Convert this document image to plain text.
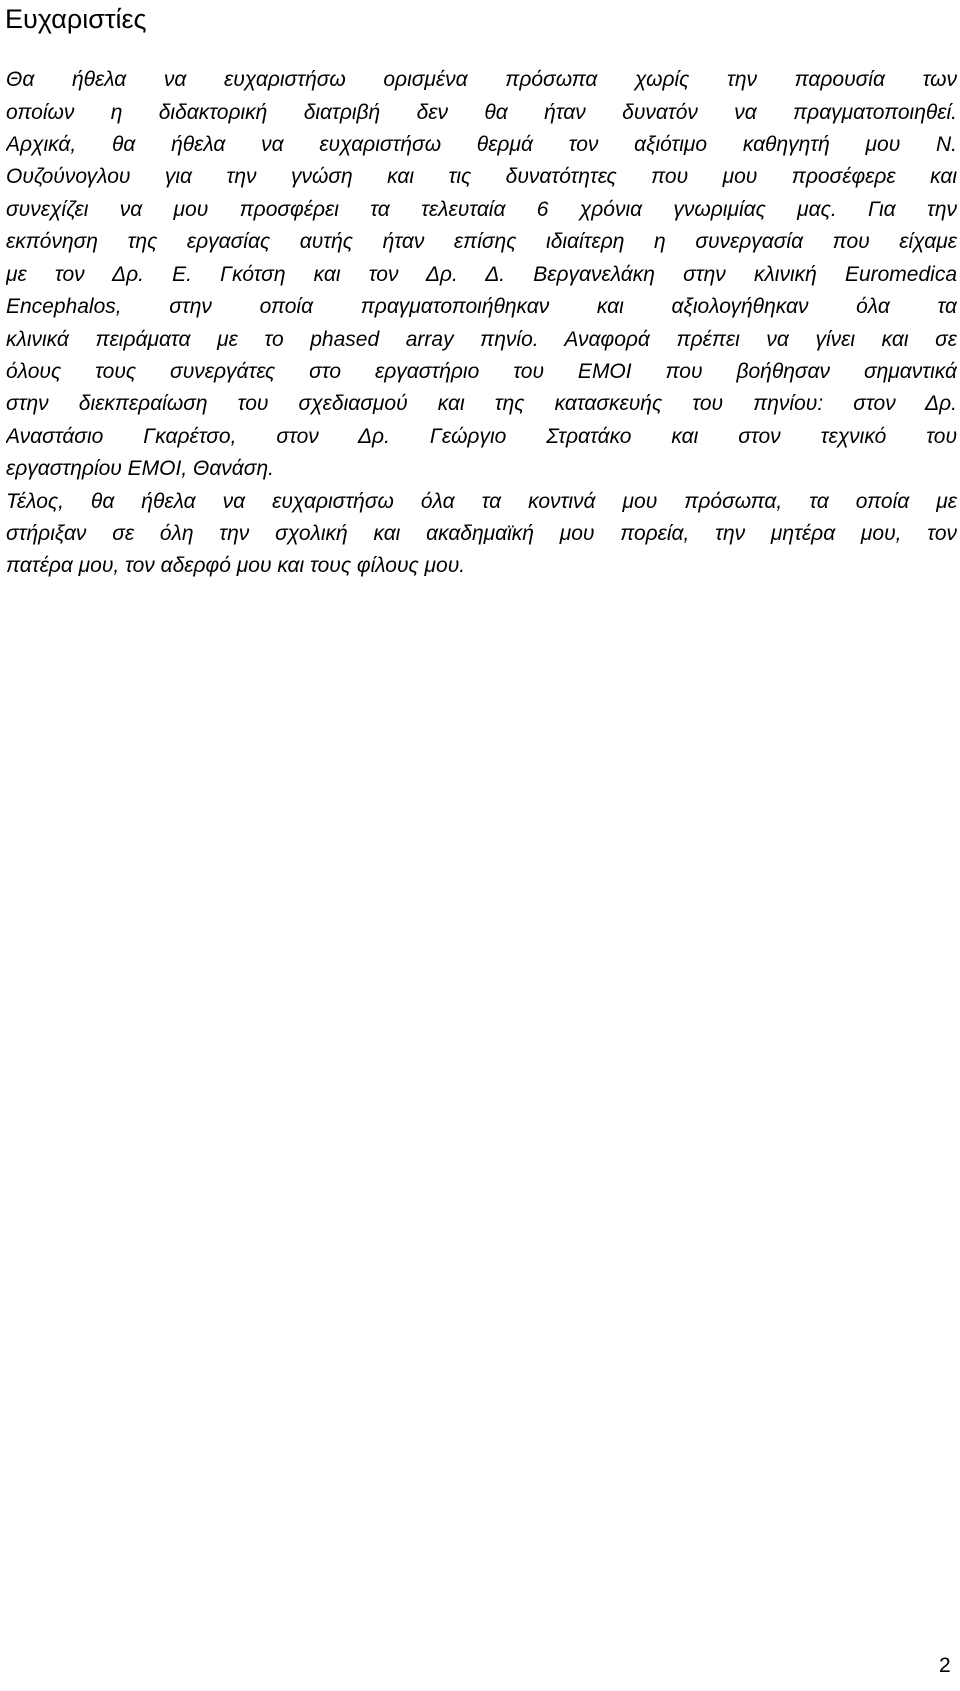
Ευχαριστίες
Θα ήθελα να ευχαριστήσω ορισμένα πρόσωπα χωρίς την παρουσία των
οποίων η διδακτορική διατριβή δεν θα ήταν δυνατόν να πραγματοποιηθεί.
Αρχικά, θα ήθελα να ευχαριστήσω θερμά τον αξιότιμο καθηγητή μου Ν.
Ουζούνογλου για την γνώση και τις δυνατότητες που μου προσέφερε και
συνεχίζει να μου προσφέρει τα τελευταία 6 χρόνια γνωριμίας μας. Για την
εκπόνηση της εργασίας αυτής ήταν επίσης ιδιαίτερη η συνεργασία που είχαμε
με τον Δρ. Ε. Γκότση και τον Δρ. Δ. Βεργανελάκη στην κλινική Euromedica
Encephalos, στην οποία πραγματοποιήθηκαν και αξιολογήθηκαν όλα τα
κλινικά πειράματα με το phased array πηνίο. Αναφορά πρέπει να γίνει και σε
όλους τους συνεργάτες στο εργαστήριο του ΕΜΟΙ που βοήθησαν σημαντικά
στην διεκπεραίωση του σχεδιασμού και της κατασκευής του πηνίου: στον Δρ.
Αναστάσιο Γκαρέτσο, στον Δρ. Γεώργιο Στρατάκο και στον τεχνικό του
εργαστηρίου ΕΜΟΙ, Θανάση.
Τέλος, θα ήθελα να ευχαριστήσω όλα τα κοντινά μου πρόσωπα, τα οποία με
στήριξαν σε όλη την σχολική και ακαδημαϊκή μου πορεία, την μητέρα μου, τον
πατέρα μου, τον αδερφό μου και τους φίλους μου.
2
